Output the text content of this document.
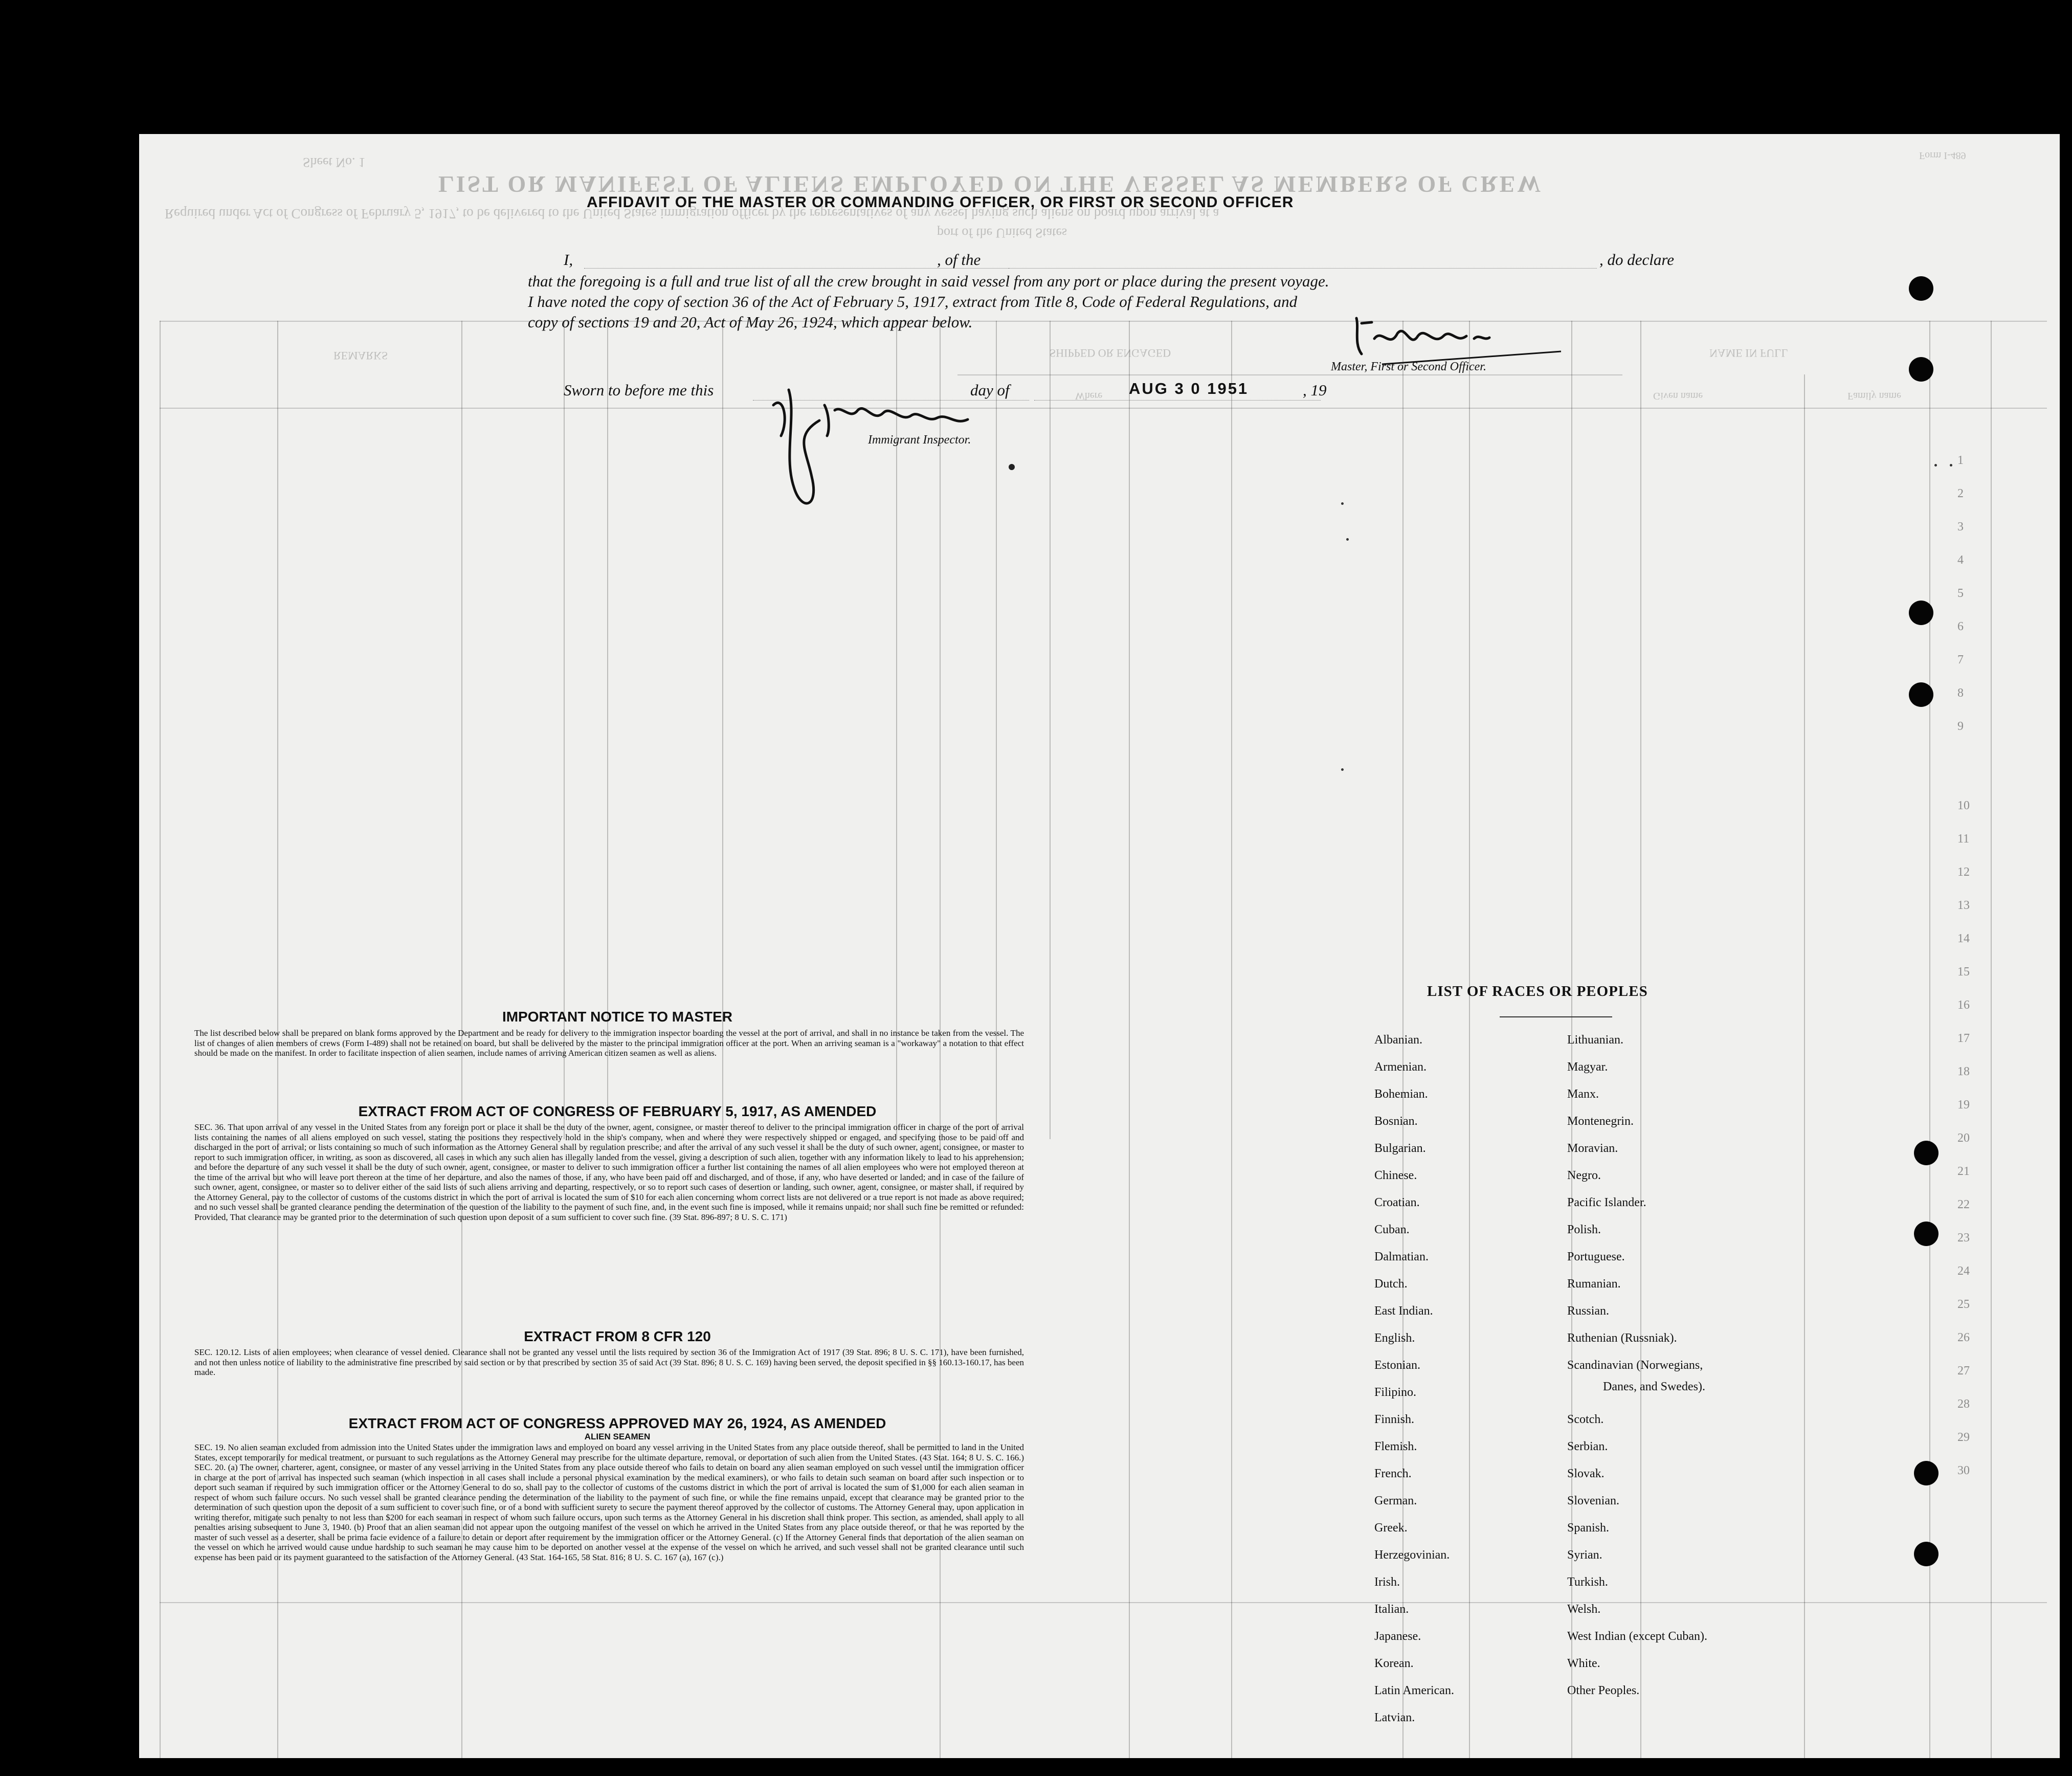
LIST OR MANIFEST OF ALIENS EMPLOYED ON THE VESSEL AS MEMBERS OF CREW
Required under Act of Congress of February 5, 1917, to be delivered to the United States immigration officer by the representatives of any vessel having such aliens on board upon arrival at a
port of the United States
Sheet No. 1	Form I-489
REMARKS	SHIPPED OR ENGAGED	NAME IN FULL
Given name	Family name
Where
1
2
3
4
5
6
7
8
9
10
11
12
13
14
15
16
17
18
19
20
21
22
23
24
25
26
27
28
29
30
AFFIDAVIT OF THE MASTER OR COMMANDING OFFICER, OR FIRST OR SECOND OFFICER
I,	, of the	, do declare
that the foregoing is a full and true list of all the crew brought in said vessel from any port or place during the present voyage.
I have noted the copy of section 36 of the Act of February 5, 1917, extract from Title 8, Code of Federal Regulations, and
copy of sections 19 and 20, Act of May 26, 1924, which appear below.
Master, First or Second Officer.
Sworn to before me this	day of	AUG 3 0 1951	, 19
Immigrant Inspector.
IMPORTANT NOTICE TO MASTER
The list described below shall be prepared on blank forms approved by the Department and be ready for delivery to the immigration inspector boarding the vessel at the port of arrival, and shall in no instance be taken from the vessel. The list of changes of alien members of crews (Form I-489) shall not be retained on board, but shall be delivered by the master to the principal immigration officer at the port. When an arriving seaman is a "workaway" a notation to that effect should be made on the manifest. In order to facilitate inspection of alien seamen, include names of arriving American citizen seamen as well as aliens.
EXTRACT FROM ACT OF CONGRESS OF FEBRUARY 5, 1917, AS AMENDED
SEC. 36. That upon arrival of any vessel in the United States from any foreign port or place it shall be the duty of the owner, agent, consignee, or master thereof to deliver to the principal immigration officer in charge of the port of arrival lists containing the names of all aliens employed on such vessel, stating the positions they respectively hold in the ship's company, when and where they were respectively shipped or engaged, and specifying those to be paid off and discharged in the port of arrival; or lists containing so much of such information as the Attorney General shall by regulation prescribe; and after the arrival of any such vessel it shall be the duty of such owner, agent, consignee, or master to report to such immigration officer, in writing, as soon as discovered, all cases in which any such alien has illegally landed from the vessel, giving a description of such alien, together with any information likely to lead to his apprehension; and before the departure of any such vessel it shall be the duty of such owner, agent, consignee, or master to deliver to such immigration officer a further list containing the names of all alien employees who were not employed thereon at the time of the arrival but who will leave port thereon at the time of her departure, and also the names of those, if any, who have been paid off and discharged, and of those, if any, who have deserted or landed; and in case of the failure of such owner, agent, consignee, or master so to deliver either of the said lists of such aliens arriving and departing, respectively, or so to report such cases of desertion or landing, such owner, agent, consignee, or master shall, if required by the Attorney General, pay to the collector of customs of the customs district in which the port of arrival is located the sum of $10 for each alien concerning whom correct lists are not delivered or a true report is not made as above required; and no such vessel shall be granted clearance pending the determination of the question of the liability to the payment of such fine, and, in the event such fine is imposed, while it remains unpaid; nor shall such fine be remitted or refunded: Provided, That clearance may be granted prior to the determination of such question upon deposit of a sum sufficient to cover such fine. (39 Stat. 896-897; 8 U. S. C. 171)
EXTRACT FROM 8 CFR 120
SEC. 120.12. Lists of alien employees; when clearance of vessel denied. Clearance shall not be granted any vessel until the lists required by section 36 of the Immigration Act of 1917 (39 Stat. 896; 8 U. S. C. 171), have been furnished, and not then unless notice of liability to the administrative fine prescribed by said section or by that prescribed by section 35 of said Act (39 Stat. 896; 8 U. S. C. 169) having been served, the deposit specified in §§ 160.13-160.17, has been made.
EXTRACT FROM ACT OF CONGRESS APPROVED MAY 26, 1924, AS AMENDED
ALIEN SEAMEN
SEC. 19. No alien seaman excluded from admission into the United States under the immigration laws and employed on board any vessel arriving in the United States from any place outside thereof, shall be permitted to land in the United States, except temporarily for medical treatment, or pursuant to such regulations as the Attorney General may prescribe for the ultimate departure, removal, or deportation of such alien from the United States. (43 Stat. 164; 8 U. S. C. 166.) SEC. 20. (a) The owner, charterer, agent, consignee, or master of any vessel arriving in the United States from any place outside thereof who fails to detain on board any alien seaman employed on such vessel until the immigration officer in charge at the port of arrival has inspected such seaman (which inspection in all cases shall include a personal physical examination by the medical examiners), or who fails to detain such seaman on board after such inspection or to deport such seaman if required by such immigration officer or the Attorney General to do so, shall pay to the collector of customs of the customs district in which the port of arrival is located the sum of $1,000 for each alien seaman in respect of whom such failure occurs. No such vessel shall be granted clearance pending the determination of the liability to the payment of such fine, or while the fine remains unpaid, except that clearance may be granted prior to the determination of such question upon the deposit of a sum sufficient to cover such fine, or of a bond with sufficient surety to secure the payment thereof approved by the collector of customs. The Attorney General may, upon application in writing therefor, mitigate such penalty to not less than $200 for each seaman in respect of whom such failure occurs, upon such terms as the Attorney General in his discretion shall think proper. This section, as amended, shall apply to all penalties arising subsequent to June 3, 1940. (b) Proof that an alien seaman did not appear upon the outgoing manifest of the vessel on which he arrived in the United States from any place outside thereof, or that he was reported by the master of such vessel as a deserter, shall be prima facie evidence of a failure to detain or deport after requirement by the immigration officer or the Attorney General. (c) If the Attorney General finds that deportation of the alien seaman on the vessel on which he arrived would cause undue hardship to such seaman he may cause him to be deported on another vessel at the expense of the vessel on which he arrived, and such vessel shall not be granted clearance until such expense has been paid or its payment guaranteed to the satisfaction of the Attorney General. (43 Stat. 164-165, 58 Stat. 816; 8 U. S. C. 167 (a), 167 (c).)
LIST OF RACES OR PEOPLES
Albanian.
Armenian.
Bohemian.
Bosnian.
Bulgarian.
Chinese.
Croatian.
Cuban.
Dalmatian.
Dutch.
East Indian.
English.
Estonian.
Filipino.
Finnish.
Flemish.
French.
German.
Greek.
Herzegovinian.
Irish.
Italian.
Japanese.
Korean.
Latin American.
Latvian.
Lithuanian.
Magyar.
Manx.
Montenegrin.
Moravian.
Negro.
Pacific Islander.
Polish.
Portuguese.
Rumanian.
Russian.
Ruthenian (Russniak).
Scandinavian (Norwegians,
Danes, and Swedes).
Scotch.
Serbian.
Slovak.
Slovenian.
Spanish.
Syrian.
Turkish.
Welsh.
West Indian (except Cuban).
White.
Other Peoples.
